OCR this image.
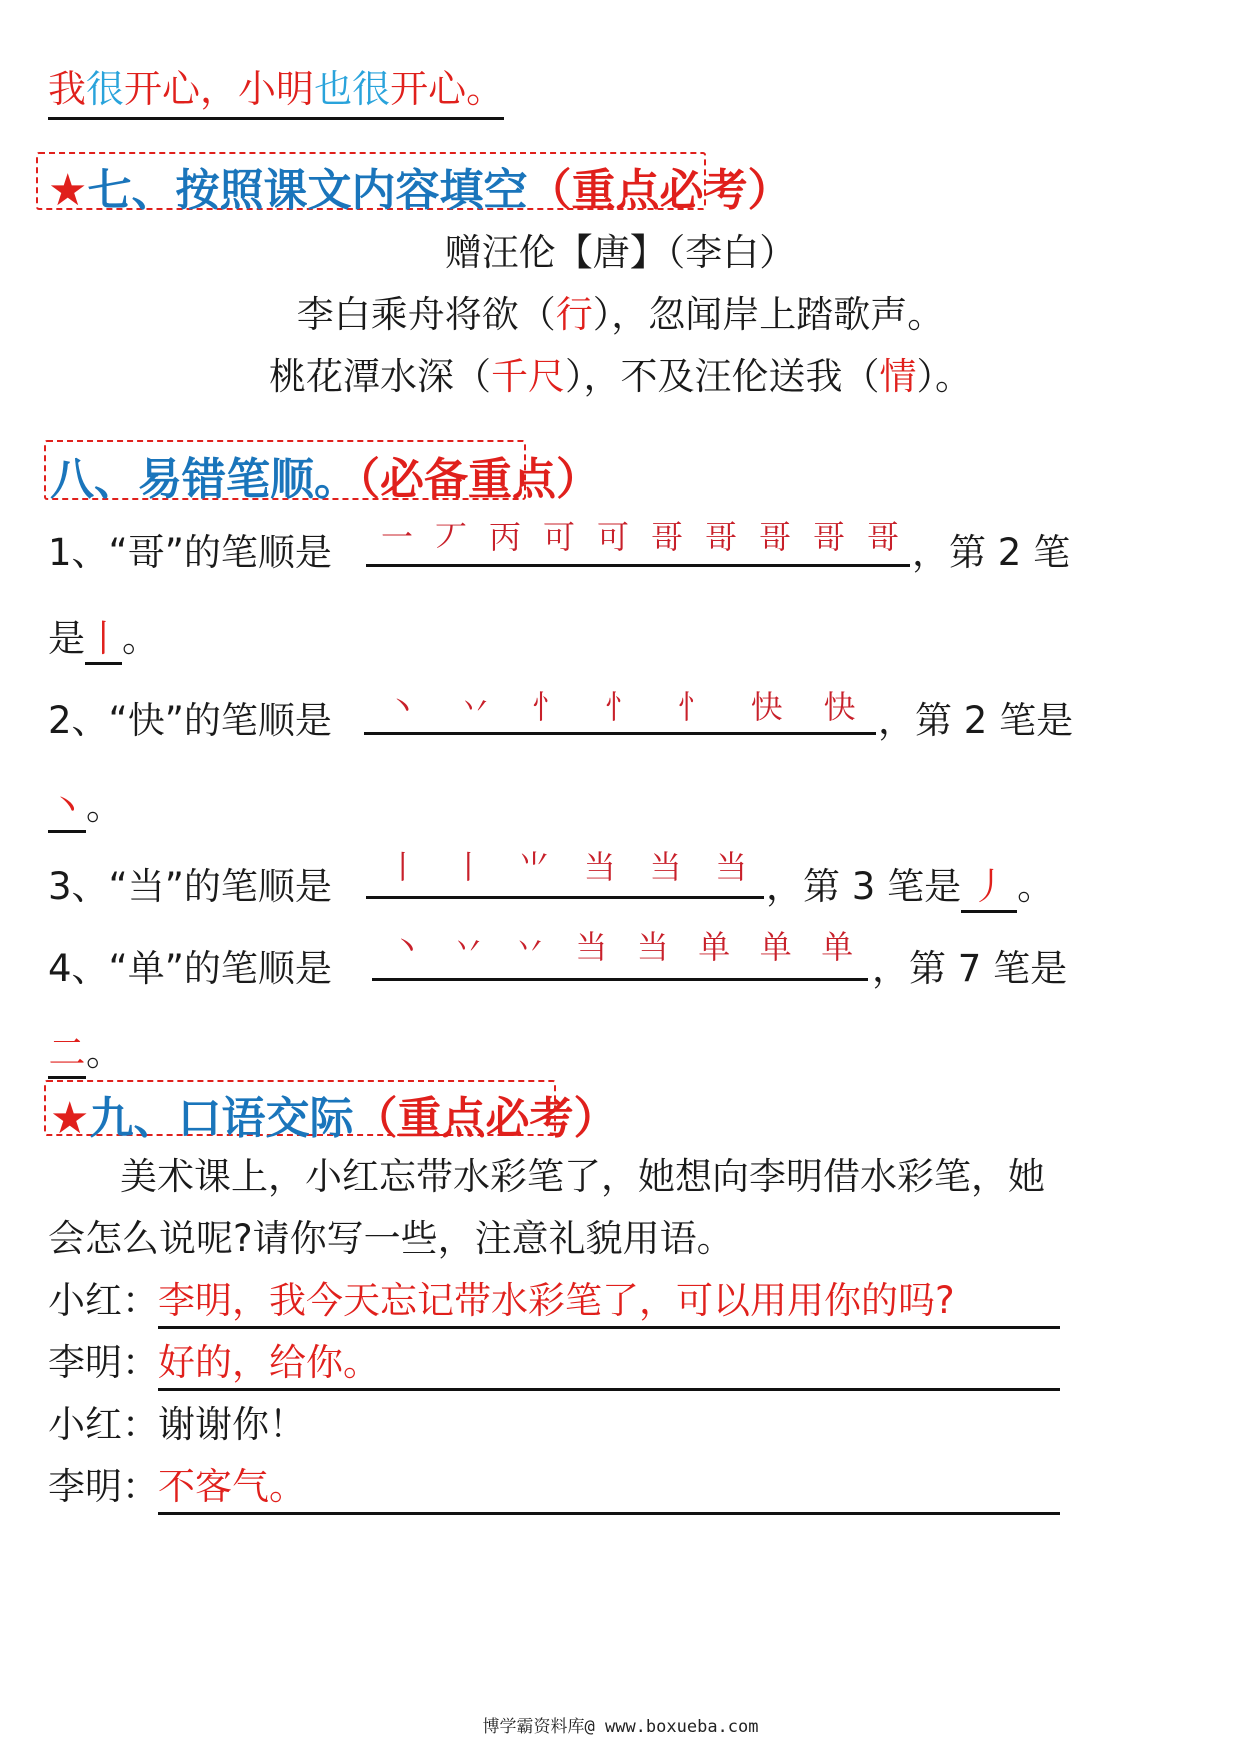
我很开心，小明也很开心。
★七、按照课文内容填空（重点必考）
赠汪伦【唐】（李白）
李白乘舟将欲（行），忽闻岸上踏歌声。
桃花潭水深（千尺），不及汪伦送我（情）。
八、易错笔顺。（必备重点）
1、“哥”的笔顺是 一 丆 丙 可 可 哥 哥 哥 哥 哥 ，第 2 笔
是丨。
2、“快”的笔顺是 丶 丷 忄 忄 忄 快 快 ，第 2 笔是
丶。
3、“当”的笔顺是 丨 丨 ⺌ 当 当 当 ，第 3 笔是 丿 。
4、“单”的笔顺是 丶 丷 丷 当 当 单 单 单 ，第 7 笔是
二。
★九、口语交际（重点必考）
美术课上，小红忘带水彩笔了，她想向李明借水彩笔，她
会怎么说呢?请你写一些，注意礼貌用语。
小红： 李明，我今天忘记带水彩笔了，可以用用你的吗?
李明： 好的，给你。
小红： 谢谢你！
李明： 不客气。
博学霸资料库@ www.boxueba.com
